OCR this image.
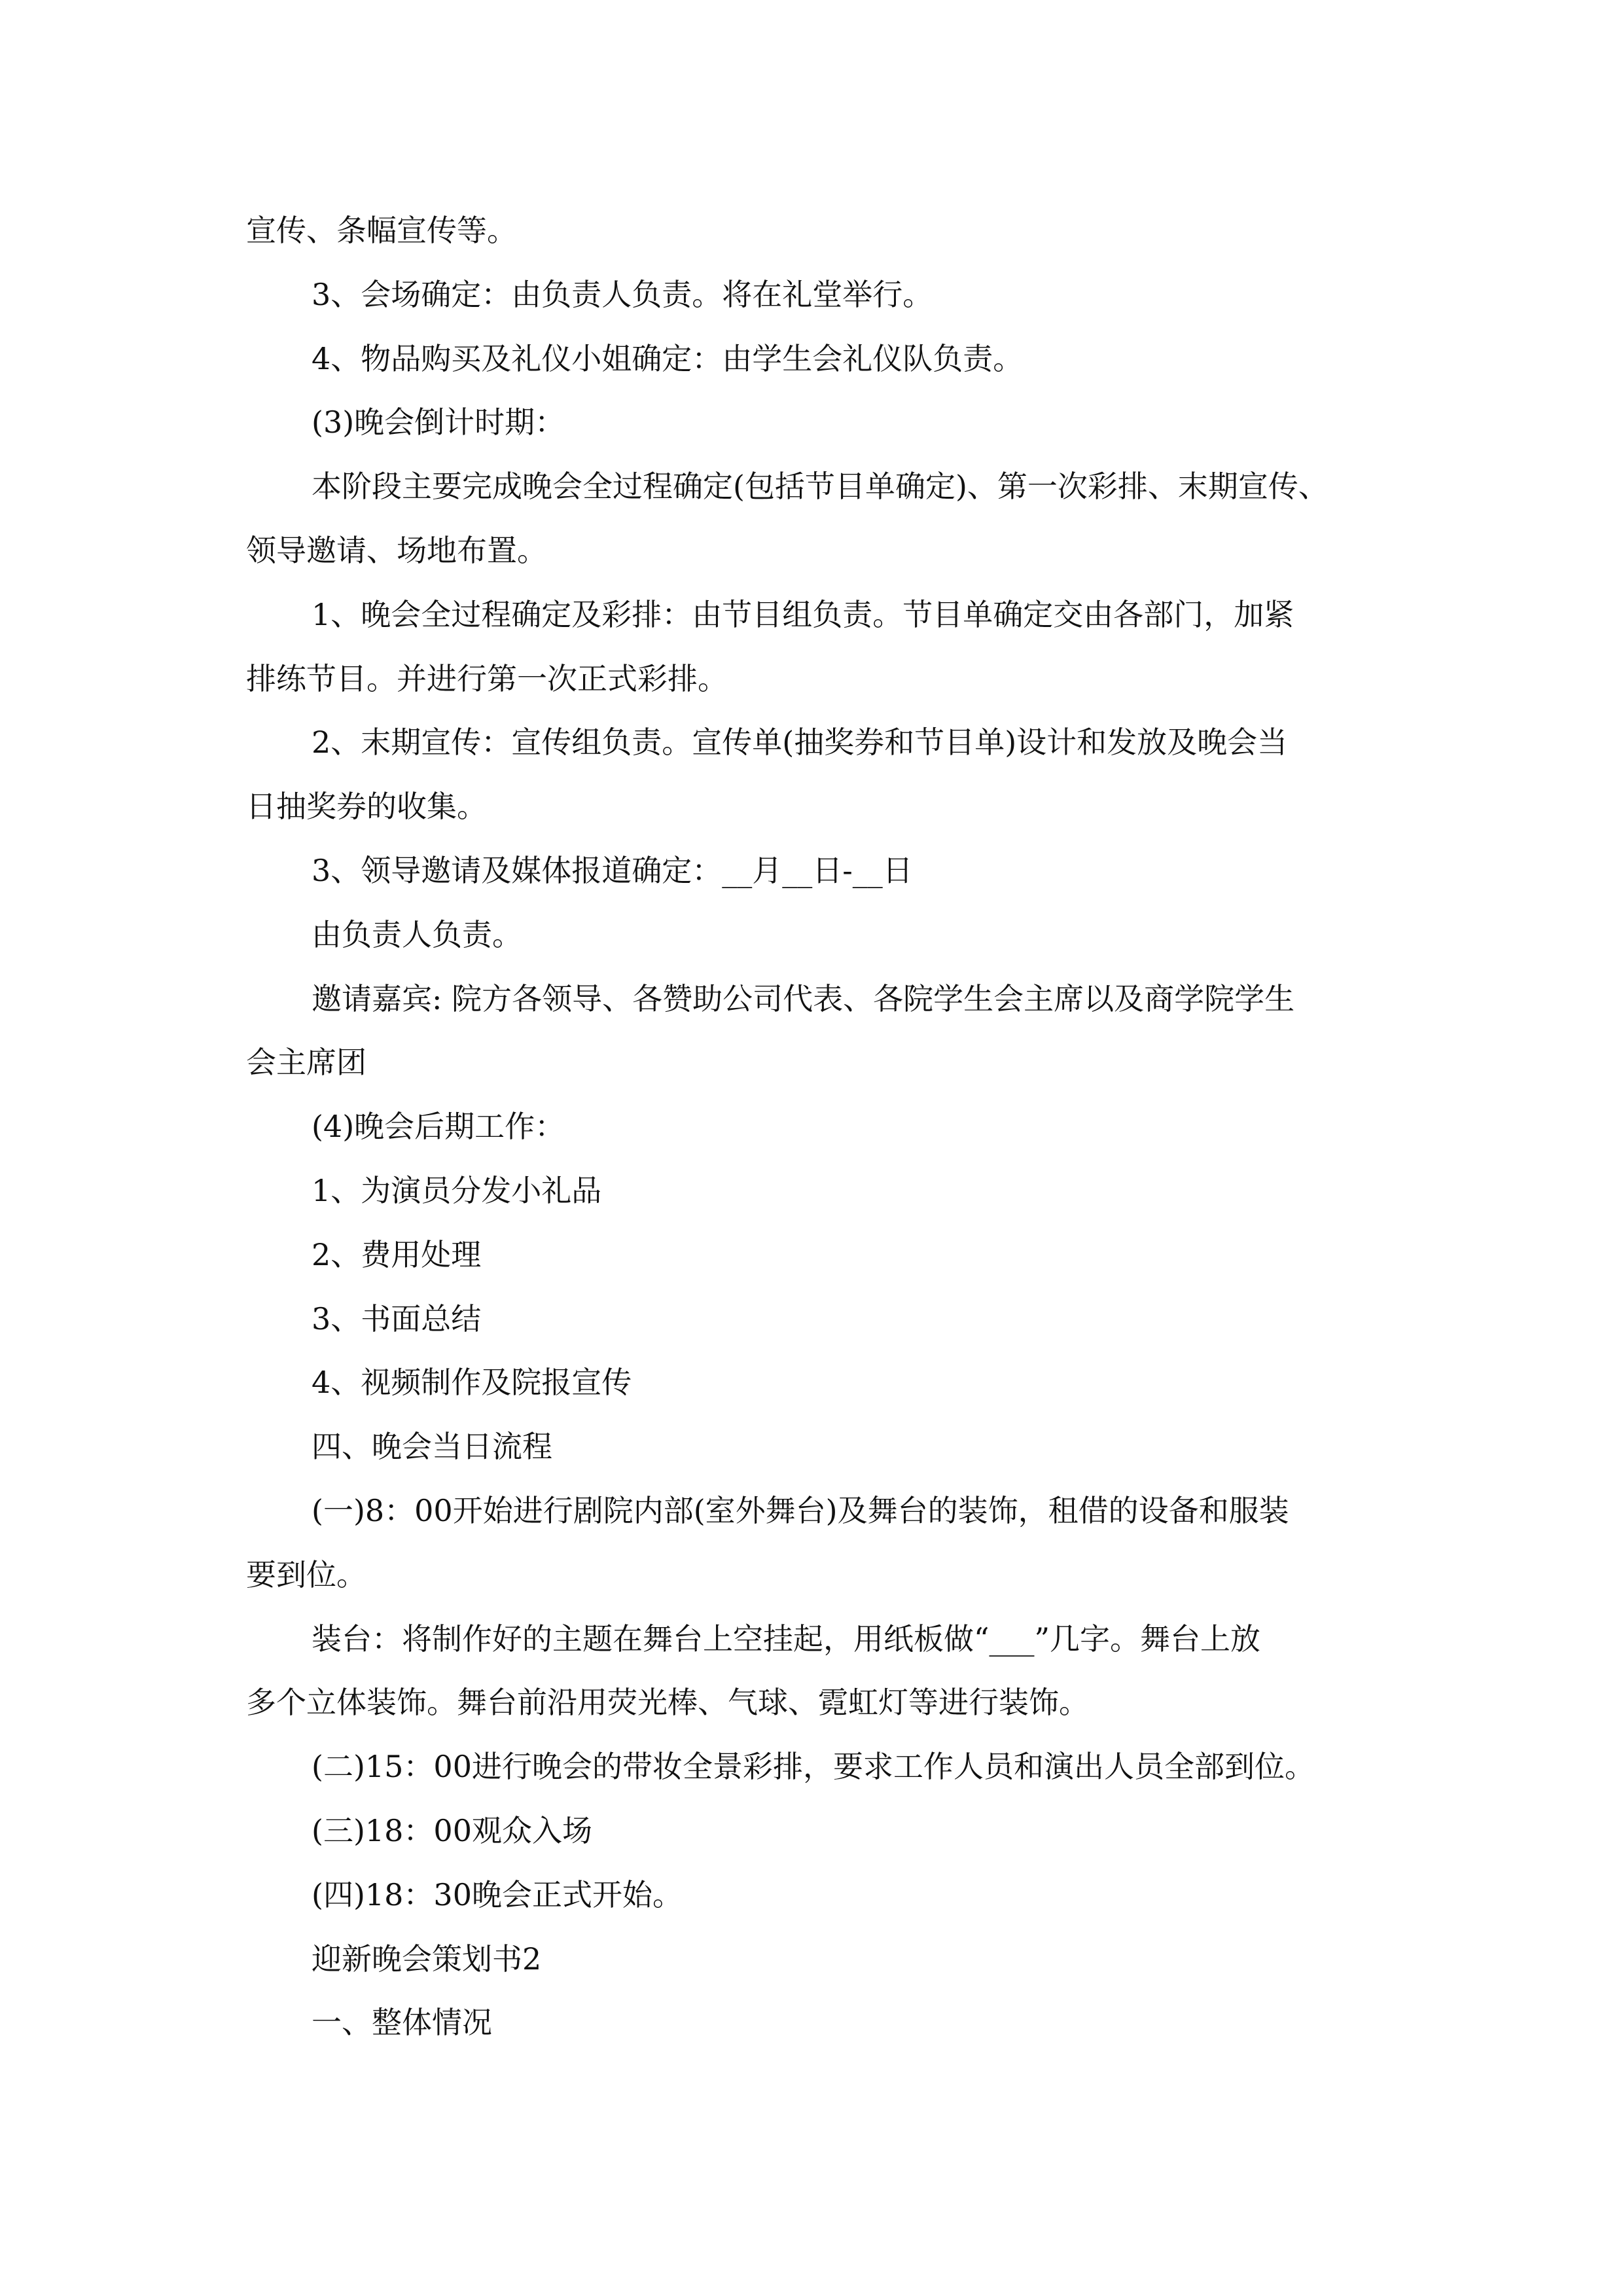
宣传、条幅宣传等。
3、会场确定：由负责人负责。将在礼堂举行。
4、物品购买及礼仪小姐确定：由学生会礼仪队负责。
(3)晚会倒计时期：
本阶段主要完成晚会全过程确定(包括节目单确定)、第一次彩排、末期宣传、
领导邀请、场地布置。
1、晚会全过程确定及彩排：由节目组负责。节目单确定交由各部门，加紧
排练节目。并进行第一次正式彩排。
2、末期宣传：宣传组负责。宣传单(抽奖券和节目单)设计和发放及晚会当
日抽奖券的收集。
3、领导邀请及媒体报道确定：__月__日-__日
由负责人负责。
邀请嘉宾: 院方各领导、各赞助公司代表、各院学生会主席以及商学院学生
会主席团
(4)晚会后期工作：
1、为演员分发小礼品
2、费用处理
3、书面总结
4、视频制作及院报宣传
四、晚会当日流程
(一)8：00开始进行剧院内部(室外舞台)及舞台的装饰，租借的设备和服装
要到位。
装台：将制作好的主题在舞台上空挂起，用纸板做“___”几字。舞台上放
多个立体装饰。舞台前沿用荧光棒、气球、霓虹灯等进行装饰。
(二)15：00进行晚会的带妆全景彩排，要求工作人员和演出人员全部到位。
(三)18：00观众入场
(四)18：30晚会正式开始。
迎新晚会策划书2
一、整体情况
